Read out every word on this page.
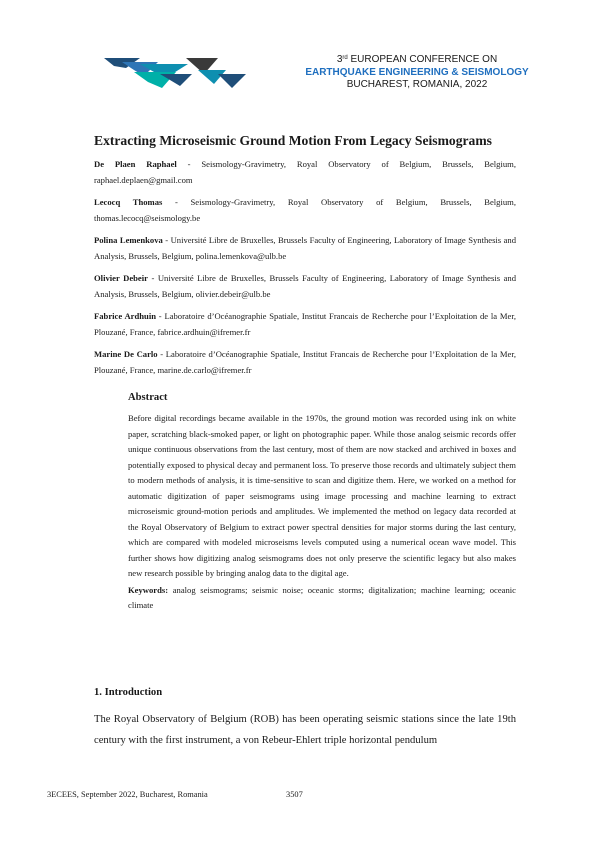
3rd EUROPEAN CONFERENCE ON
EARTHQUAKE ENGINEERING & SEISMOLOGY
BUCHAREST, ROMANIA, 2022
Extracting Microseismic Ground Motion From Legacy Seismograms
De Plaen Raphael - Seismology-Gravimetry, Royal Observatory of Belgium, Brussels, Belgium, raphael.deplaen@gmail.com
Lecocq Thomas - Seismology-Gravimetry, Royal Observatory of Belgium, Brussels, Belgium, thomas.lecocq@seismology.be
Polina Lemenkova - Université Libre de Bruxelles, Brussels Faculty of Engineering, Laboratory of Image Synthesis and Analysis, Brussels, Belgium, polina.lemenkova@ulb.be
Olivier Debeir - Université Libre de Bruxelles, Brussels Faculty of Engineering, Laboratory of Image Synthesis and Analysis, Brussels, Belgium, olivier.debeir@ulb.be
Fabrice Ardhuin - Laboratoire d’Océanographie Spatiale, Institut Francais de Recherche pour l’Exploitation de la Mer, Plouzané, France, fabrice.ardhuin@ifremer.fr
Marine De Carlo - Laboratoire d’Océanographie Spatiale, Institut Francais de Recherche pour l’Exploitation de la Mer, Plouzané, France, marine.de.carlo@ifremer.fr
Abstract

Before digital recordings became available in the 1970s, the ground motion was recorded using ink on white paper, scratching black-smoked paper, or light on photographic paper. While those analog seismic records offer unique continuous observations from the last century, most of them are now stacked and archived in boxes and potentially exposed to physical decay and permanent loss. To preserve those records and ultimately subject them to modern methods of analysis, it is time-sensitive to scan and digitize them. Here, we worked on a method for automatic digitization of paper seismograms using image processing and machine learning to extract microseismic ground-motion periods and amplitudes. We implemented the method on legacy data recorded at the Royal Observatory of Belgium to extract power spectral densities for major storms during the last century, which are compared with modeled microseisms levels computed using a numerical ocean wave model. This further shows how digitizing analog seismograms does not only preserve the scientific legacy but also makes new research possible by bringing analog data to the digital age.

Keywords: analog seismograms; seismic noise; oceanic storms; digitalization; machine learning; oceanic climate

1. Introduction

The Royal Observatory of Belgium (ROB) has been operating seismic stations since the late 19th century with the first instrument, a von Rebeur-Ehlert triple horizontal pendulum

3ECEES, September 2022, Bucharest, Romania	3507
